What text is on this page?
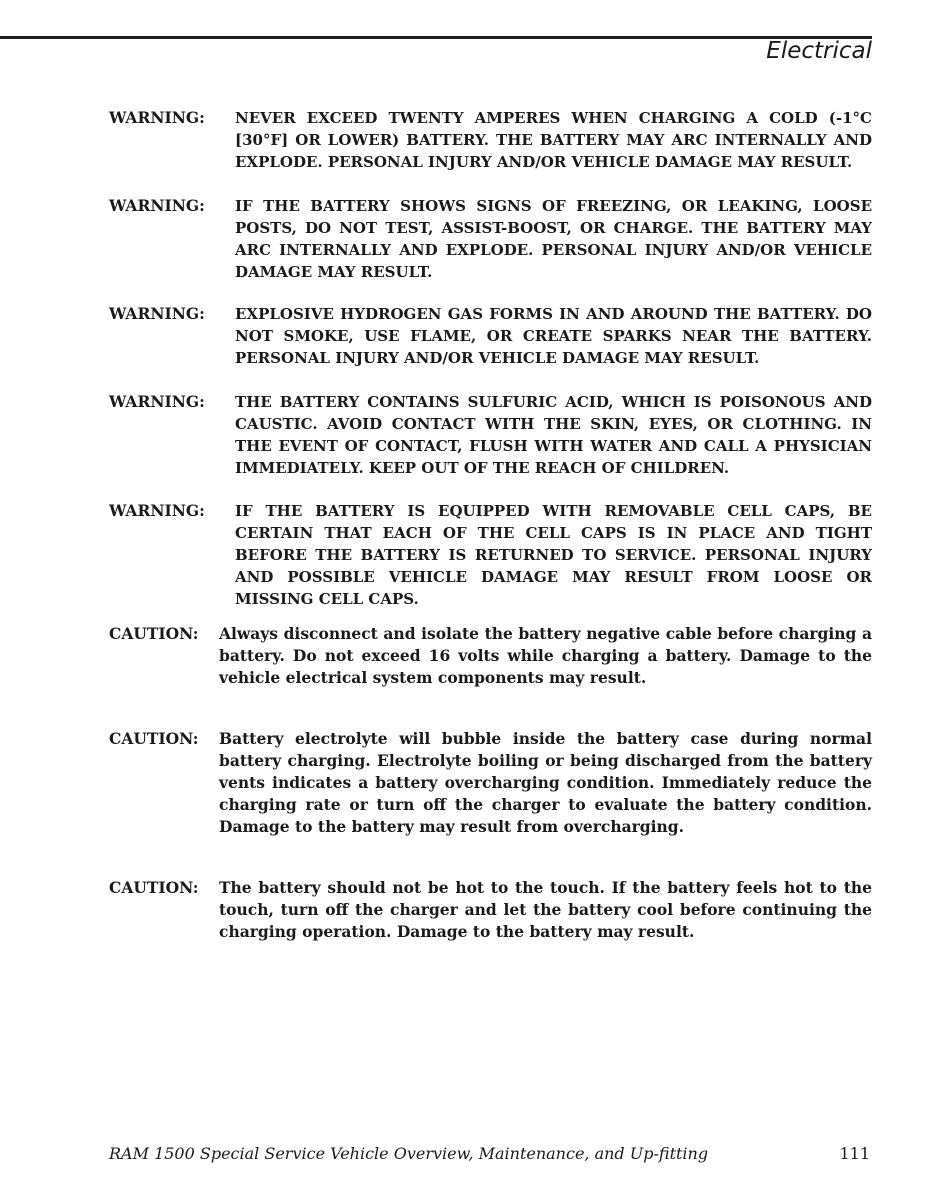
Electrical
WARNING:	NEVER EXCEED TWENTY AMPERES WHEN CHARGING A COLD (-1°C [30°F] OR LOWER) BATTERY. THE BATTERY MAY ARC INTERNALLY AND EXPLODE. PERSONAL INJURY AND/OR VEHICLE DAMAGE MAY RESULT.
WARNING:	IF THE BATTERY SHOWS SIGNS OF FREEZING, OR LEAKING, LOOSE POSTS, DO NOT TEST, ASSIST-BOOST, OR CHARGE. THE BATTERY MAY ARC INTERNALLY AND EXPLODE. PERSONAL INJURY AND/OR VEHICLE DAMAGE MAY RESULT.
WARNING:	EXPLOSIVE HYDROGEN GAS FORMS IN AND AROUND THE BATTERY. DO NOT SMOKE, USE FLAME, OR CREATE SPARKS NEAR THE BATTERY. PERSONAL INJURY AND/OR VEHICLE DAMAGE MAY RESULT.
WARNING:	THE BATTERY CONTAINS SULFURIC ACID, WHICH IS POISONOUS AND CAUSTIC. AVOID CONTACT WITH THE SKIN, EYES, OR CLOTHING. IN THE EVENT OF CONTACT, FLUSH WITH WATER AND CALL A PHYSICIAN IMMEDIATELY. KEEP OUT OF THE REACH OF CHILDREN.
WARNING:	IF THE BATTERY IS EQUIPPED WITH REMOVABLE CELL CAPS, BE CERTAIN THAT EACH OF THE CELL CAPS IS IN PLACE AND TIGHT BEFORE THE BATTERY IS RETURNED TO SERVICE. PERSONAL INJURY AND POSSIBLE VEHICLE DAMAGE MAY RESULT FROM LOOSE OR MISSING CELL CAPS.
CAUTION:	Always disconnect and isolate the battery negative cable before charging a battery. Do not exceed 16 volts while charging a battery. Damage to the vehicle electrical system components may result.
CAUTION:	Battery electrolyte will bubble inside the battery case during normal battery charging. Electrolyte boiling or being discharged from the battery vents indicates a battery overcharging condition. Immediately reduce the charging rate or turn off the charger to evaluate the battery condition. Damage to the battery may result from overcharging.
CAUTION:	The battery should not be hot to the touch. If the battery feels hot to the touch, turn off the charger and let the battery cool before continuing the charging operation. Damage to the battery may result.
RAM 1500 Special Service Vehicle Overview, Maintenance, and Up-fitting	111
